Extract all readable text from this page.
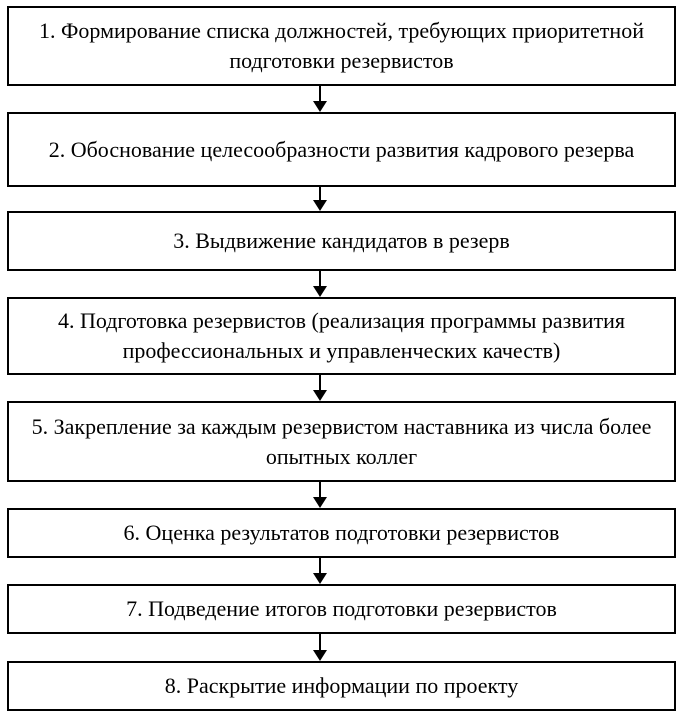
1. Формирование списка должностей, требующих приоритетной подготовки резервистов
2. Обоснование целесообразности развития кадрового резерва
3. Выдвижение кандидатов в резерв
4. Подготовка резервистов (реализация программы развития профессиональных и управленческих качеств)
5. Закрепление за каждым резервистом наставника из числа более опытных коллег
6. Оценка результатов подготовки резервистов
7. Подведение итогов подготовки резервистов
8. Раскрытие информации по проекту
